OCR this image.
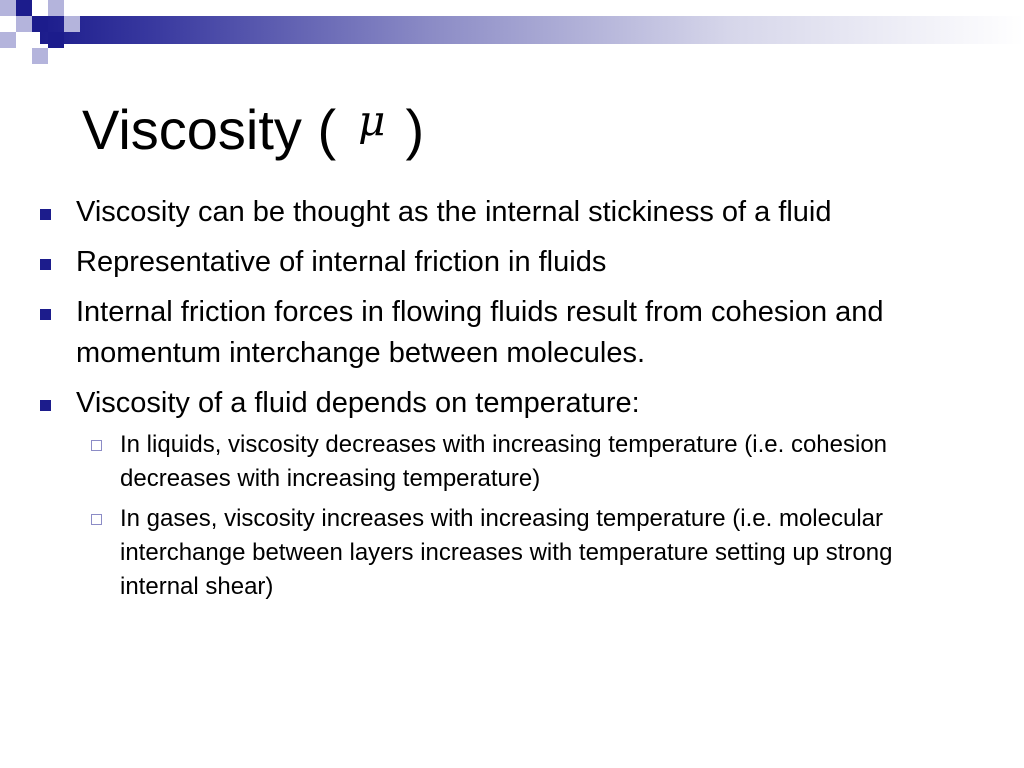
Viscosity ( $^\mu$ )
Viscosity can be thought as the internal stickiness of a fluid
Representative of internal friction in fluids
Internal friction forces in flowing fluids result from cohesion and momentum interchange between molecules.
Viscosity of a fluid depends on temperature:
In liquids, viscosity decreases with increasing temperature (i.e. cohesion decreases with increasing temperature)
In gases, viscosity increases with increasing temperature (i.e. molecular interchange between layers increases with temperature setting up strong internal shear)
